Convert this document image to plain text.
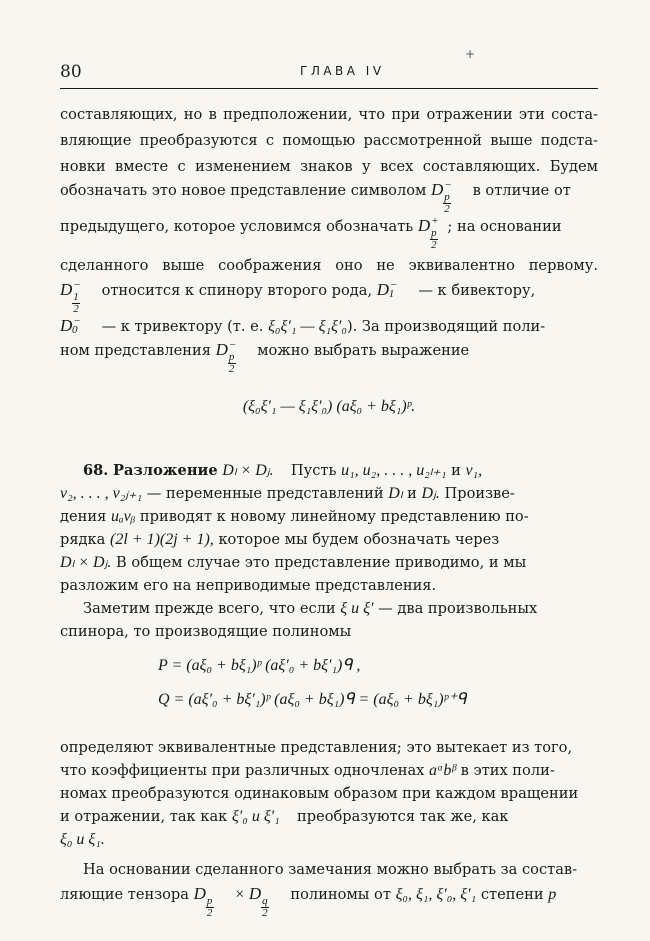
80	ГЛАВА IV
+
составляющих, но в предположении, что при отражении эти соста-
вляющие преобразуются с помощью рассмотренной выше подста-
новки вместе с изменением знаков у всех составляющих. Будем
обозначать это новое представление символом D −
p
2
в отличие от
предыдущего, которое условимся обозначать D +
p
2
; на основании
сделанного выше соображения оно не эквивалентно первому.
D −
1
2
относится к спинору второго рода, D −
1 — к бивектору,
D −
0 — к тривектору (т. е. ξ₀ξ′₁ — ξ₁ξ′₀). За производящий поли-
ном представления D −
p
2
можно выбрать выражение
(ξ₀ξ′₁ — ξ₁ξ′₀) (aξ₀ + bξ₁)ᵖ.
68. Разложение Dₗ × Dⱼ. Пусть u₁, u₂, . . . , u₂ₗ₊₁ и v₁,
v₂, . . . , v₂ⱼ₊₁ — переменные представлений Dₗ и Dⱼ. Произве-
дения uₐvᵦ приводят к новому линейному представлению по-
рядка (2l + 1)(2j + 1), которое мы будем обозначать через
Dₗ × Dⱼ. В общем случае это представление приводимо, и мы
разложим его на неприводимые представления.
Заметим прежде всего, что если ξ и ξ′ — два произвольных
спинора, то производящие полиномы
P = (aξ₀ + bξ₁)ᵖ (aξ′₀ + bξ′₁)ᑫ ,
Q = (aξ′₀ + bξ′₁)ᵖ (aξ₀ + bξ₁)ᑫ = (aξ₀ + bξ₁)ᵖ⁺ᑫ
определяют эквивалентные представления; это вытекает из того,
что коэффициенты при различных одночленах aᵅbᵝ в этих поли-
номах преобразуются одинаковым образом при каждом вращении
и отражении, так как ξ′₀ и ξ′₁ преобразуются так же, как
ξ₀ и ξ₁.
На основании сделанного замечания можно выбрать за состав-
ляющие тензора D p
2
× D q
2
полиномы от ξ₀, ξ₁, ξ′₀, ξ′₁ степени p
